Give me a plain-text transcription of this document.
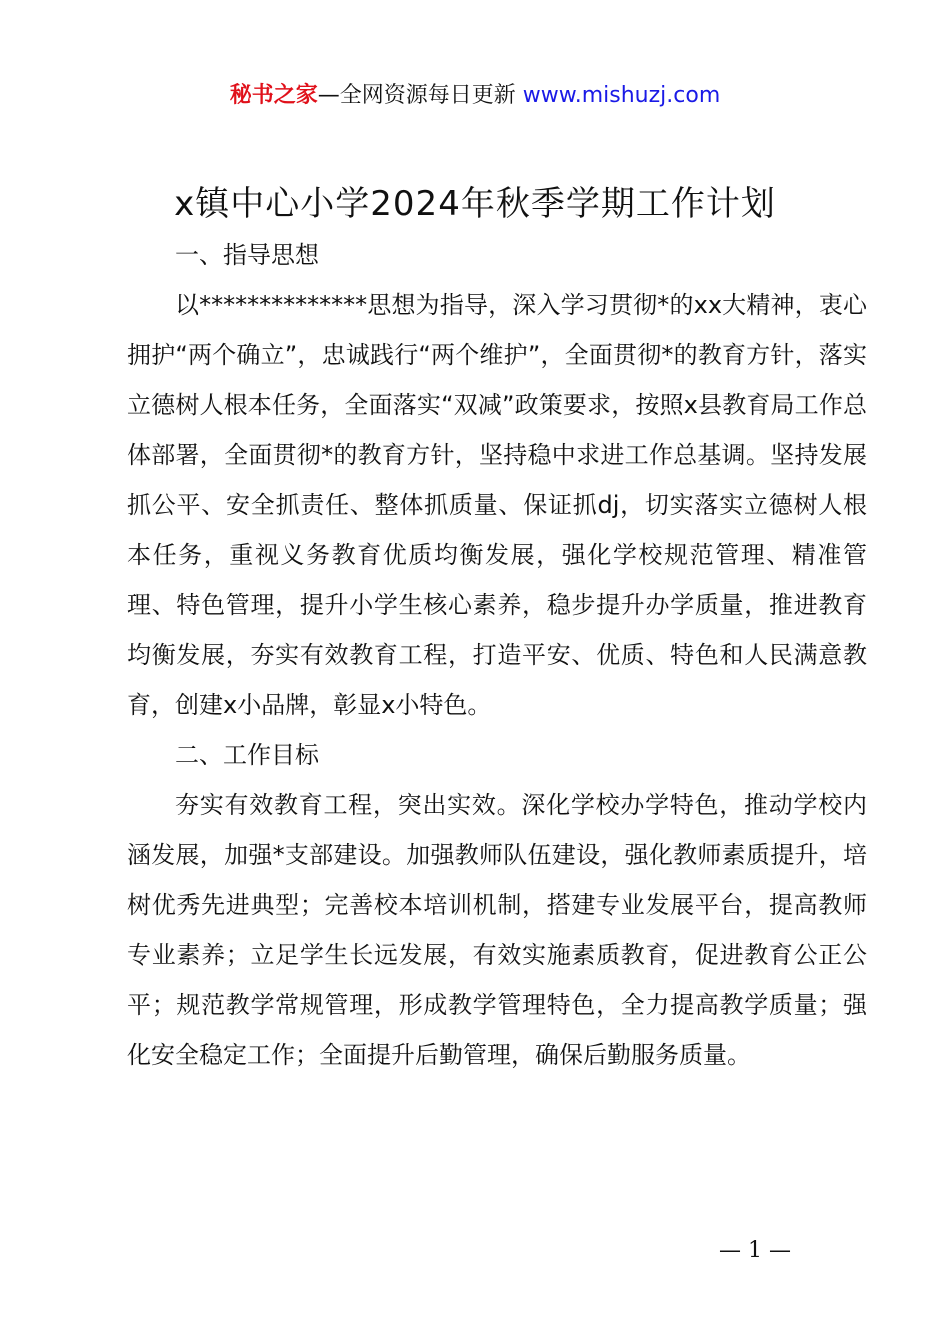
秘书之家—全网资源每日更新 www.mishuzj.com
x镇中心小学2024年秋季学期工作计划

一、指导思想

以**************思想为指导，深入学习贯彻*的xx大精神，衷心拥护“两个确立”，忠诚践行“两个维护”，全面贯彻*的教育方针，落实立德树人根本任务，全面落实“双减”政策要求，按照x县教育局工作总体部署，全面贯彻*的教育方针，坚持稳中求进工作总基调。坚持发展抓公平、安全抓责任、整体抓质量、保证抓dj，切实落实立德树人根本任务，重视义务教育优质均衡发展，强化学校规范管理、精准管理、特色管理，提升小学生核心素养，稳步提升办学质量，推进教育均衡发展，夯实有效教育工程，打造平安、优质、特色和人民满意教育，创建x小品牌，彰显x小特色。

二、工作目标

夯实有效教育工程，突出实效。深化学校办学特色，推动学校内涵发展，加强*支部建设。加强教师队伍建设，强化教师素质提升，培树优秀先进典型；完善校本培训机制，搭建专业发展平台，提高教师专业素养；立足学生长远发展，有效实施素质教育，促进教育公正公平；规范教学常规管理，形成教学管理特色，全力提高教学质量；强化安全稳定工作；全面提升后勤管理，确保后勤服务质量。

— 1 —
